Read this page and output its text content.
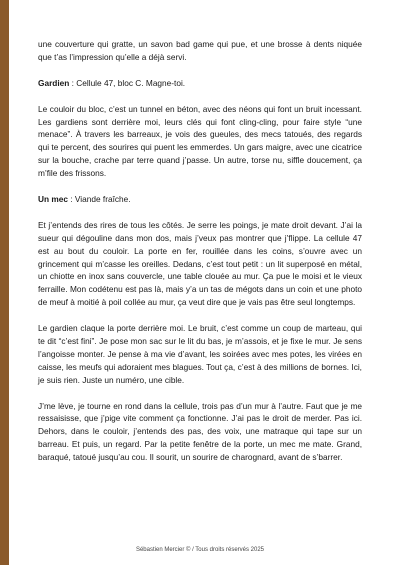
une couverture qui gratte, un savon bad game qui pue, et une brosse à dents niquée que t’as l’impression qu’elle a déjà servi.

Gardien : Cellule 47, bloc C. Magne-toi.

Le couloir du bloc, c’est un tunnel en béton, avec des néons qui font un bruit incessant. Les gardiens sont derrière moi, leurs clés qui font cling-cling, pour faire style “une menace”. À travers les barreaux, je vois des gueules, des mecs tatoués, des regards qui te percent, des sourires qui puent les emmerdes. Un gars maigre, avec une cicatrice sur la bouche, crache par terre quand j’passe. Un autre, torse nu, siffle doucement, ça m’file des frissons.

Un mec : Viande fraîche.

Et j’entends des rires de tous les côtés. Je serre les poings, je mate droit devant. J’ai la sueur qui dégouline dans mon dos, mais j’veux pas montrer que j’flippe. La cellule 47 est au bout du couloir. La porte en fer, rouillée dans les coins, s’ouvre avec un grincement qui m’casse les oreilles. Dedans, c’est tout petit : un lit superposé en métal, un chiotte en inox sans couvercle, une table clouée au mur. Ça pue le moisi et le vieux ferraille. Mon codétenu est pas là, mais y’a un tas de mégots dans un coin et une photo de meuf à moitié à poil collée au mur, ça veut dire que je vais pas être seul longtemps.

Le gardien claque la porte derrière moi. Le bruit, c’est comme un coup de marteau, qui te dit “c’est fini”. Je pose mon sac sur le lit du bas, je m’assois, et je fixe le mur. Je sens l’angoisse monter. Je pense à ma vie d’avant, les soirées avec mes potes, les virées en caisse, les meufs qui adoraient mes blagues. Tout ça, c’est à des millions de bornes. Ici, je suis rien. Juste un numéro, une cible.

J’me lève, je tourne en rond dans la cellule, trois pas d’un mur à l’autre. Faut que je me ressaisisse, que j’pige vite comment ça fonctionne. J’ai pas le droit de merder. Pas ici. Dehors, dans le couloir, j’entends des pas, des voix, une matraque qui tape sur un barreau. Et puis, un regard. Par la petite fenêtre de la porte, un mec me mate. Grand, baraqué, tatoué jusqu’au cou. Il sourit, un sourire de charognard, avant de s’barrer.

Sébastien Mercier © / Tous droits réservés 2025
